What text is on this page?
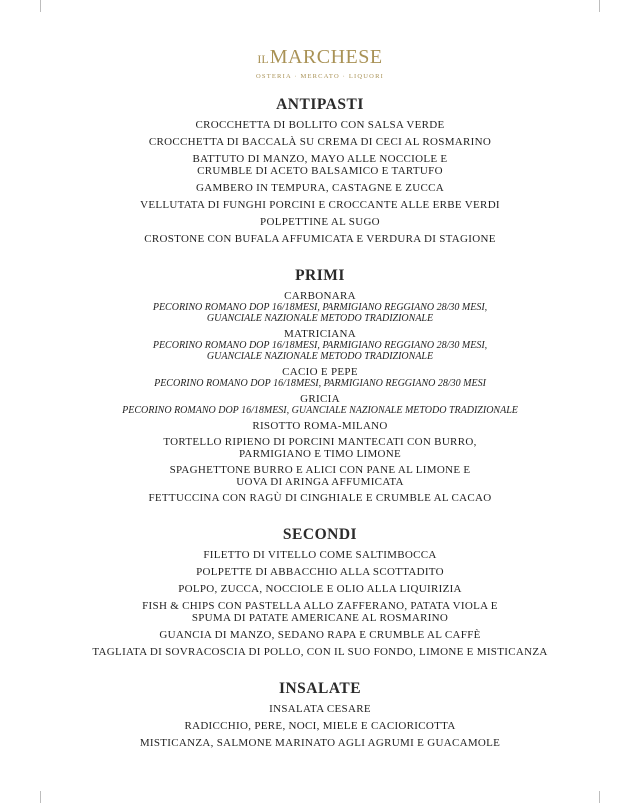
ILMARCHESE
OSTERIA · MERCATO · LIQUORI
ANTIPASTI
CROCCHETTA DI BOLLITO CON SALSA VERDE
CROCCHETTA DI BACCALÀ SU CREMA DI CECI AL ROSMARINO
BATTUTO DI MANZO, MAYO ALLE NOCCIOLE E
CRUMBLE DI ACETO BALSAMICO E TARTUFO
GAMBERO IN TEMPURA, CASTAGNE E ZUCCA
VELLUTATA DI FUNGHI PORCINI E CROCCANTE ALLE ERBE VERDI
POLPETTINE AL SUGO
CROSTONE CON BUFALA AFFUMICATA E VERDURA DI STAGIONE
PRIMI
CARBONARA
PECORINO ROMANO DOP 16/18MESI, PARMIGIANO REGGIANO 28/30 MESI,
GUANCIALE NAZIONALE METODO TRADIZIONALE
MATRICIANA
PECORINO ROMANO DOP 16/18MESI, PARMIGIANO REGGIANO 28/30 MESI,
GUANCIALE NAZIONALE METODO TRADIZIONALE
CACIO E PEPE
PECORINO ROMANO DOP 16/18MESI, PARMIGIANO REGGIANO 28/30 MESI
GRICIA
PECORINO ROMANO DOP 16/18MESI, GUANCIALE NAZIONALE METODO TRADIZIONALE
RISOTTO ROMA-MILANO
TORTELLO RIPIENO DI PORCINI MANTECATI CON BURRO,
PARMIGIANO E TIMO LIMONE
SPAGHETTONE BURRO E ALICI CON PANE AL LIMONE E
UOVA DI ARINGA AFFUMICATA
FETTUCCINA CON RAGÙ DI CINGHIALE E CRUMBLE AL CACAO
SECONDI
FILETTO DI VITELLO COME SALTIMBOCCA
POLPETTE DI ABBACCHIO ALLA SCOTTADITO
POLPO, ZUCCA, NOCCIOLE E OLIO ALLA LIQUIRIZIA
FISH & CHIPS CON PASTELLA ALLO ZAFFERANO, PATATA VIOLA E
SPUMA DI PATATE AMERICANE AL ROSMARINO
GUANCIA DI MANZO, SEDANO RAPA E CRUMBLE AL CAFFÈ
TAGLIATA DI SOVRACOSCIA DI POLLO, CON IL SUO FONDO, LIMONE E MISTICANZA
INSALATE
INSALATA CESARE
RADICCHIO, PERE, NOCI, MIELE E CACIORICOTTA
MISTICANZA, SALMONE MARINATO AGLI AGRUMI E GUACAMOLE
